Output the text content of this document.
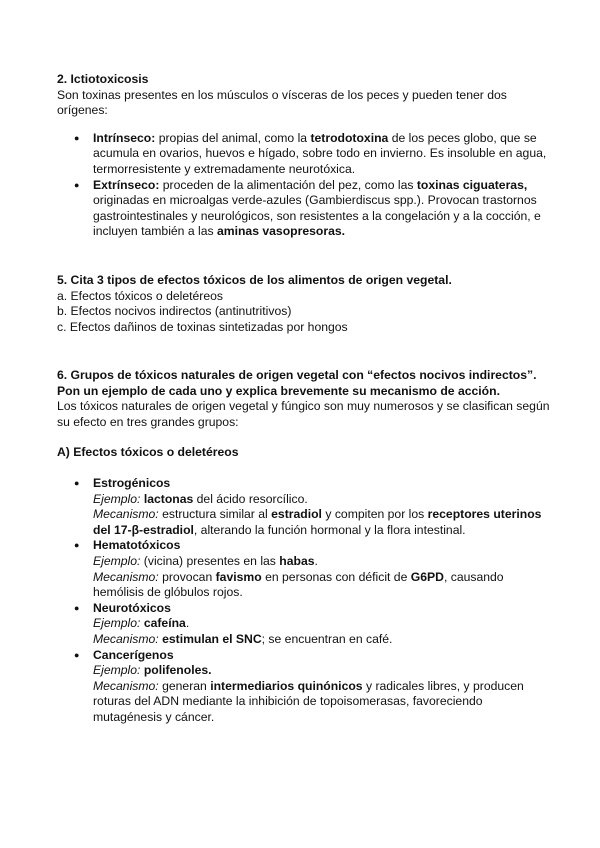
2. Ictiotoxicosis

Son toxinas presentes en los músculos o vísceras de los peces y pueden tener dos orígenes:

● Intrínseco: propias del animal, como la tetrodotoxina de los peces globo, que se acumula en ovarios, huevos e hígado, sobre todo en invierno. Es insoluble en agua, termorresistente y extremadamente neurotóxica.
● Extrínseco: proceden de la alimentación del pez, como las toxinas ciguateras, originadas en microalgas verde-azules (Gambierdiscus spp.). Provocan trastornos gastrointestinales y neurológicos, son resistentes a la congelación y a la cocción, e incluyen también a las aminas vasopresoras.
5. Cita 3 tipos de efectos tóxicos de los alimentos de origen vegetal.
a. Efectos tóxicos o deletéreos
b. Efectos nocivos indirectos (antinutritivos)
c. Efectos dañinos de toxinas sintetizadas por hongos
6. Grupos de tóxicos naturales de origen vegetal con “efectos nocivos indirectos”.
Pon un ejemplo de cada uno y explica brevemente su mecanismo de acción.

Los tóxicos naturales de origen vegetal y fúngico son muy numerosos y se clasifican según su efecto en tres grandes grupos:

A) Efectos tóxicos o deletéreos
● Estrogénicos
Ejemplo: lactonas del ácido resorcílico.
Mecanismo: estructura similar al estradiol y compiten por los receptores uterinos del 17-β-estradiol, alterando la función hormonal y la flora intestinal.
● Hematotóxicos
Ejemplo: (vicina) presentes en las habas.
Mecanismo: provocan favismo en personas con déficit de G6PD, causando hemólisis de glóbulos rojos.
● Neurotóxicos
Ejemplo: cafeína.
Mecanismo: estimulan el SNC; se encuentran en café.
● Cancerígenos
Ejemplo: polifenoles.
Mecanismo: generan intermediarios quinónicos y radicales libres, y producen roturas del ADN mediante la inhibición de topoisomerasas, favoreciendo mutagénesis y cáncer.
